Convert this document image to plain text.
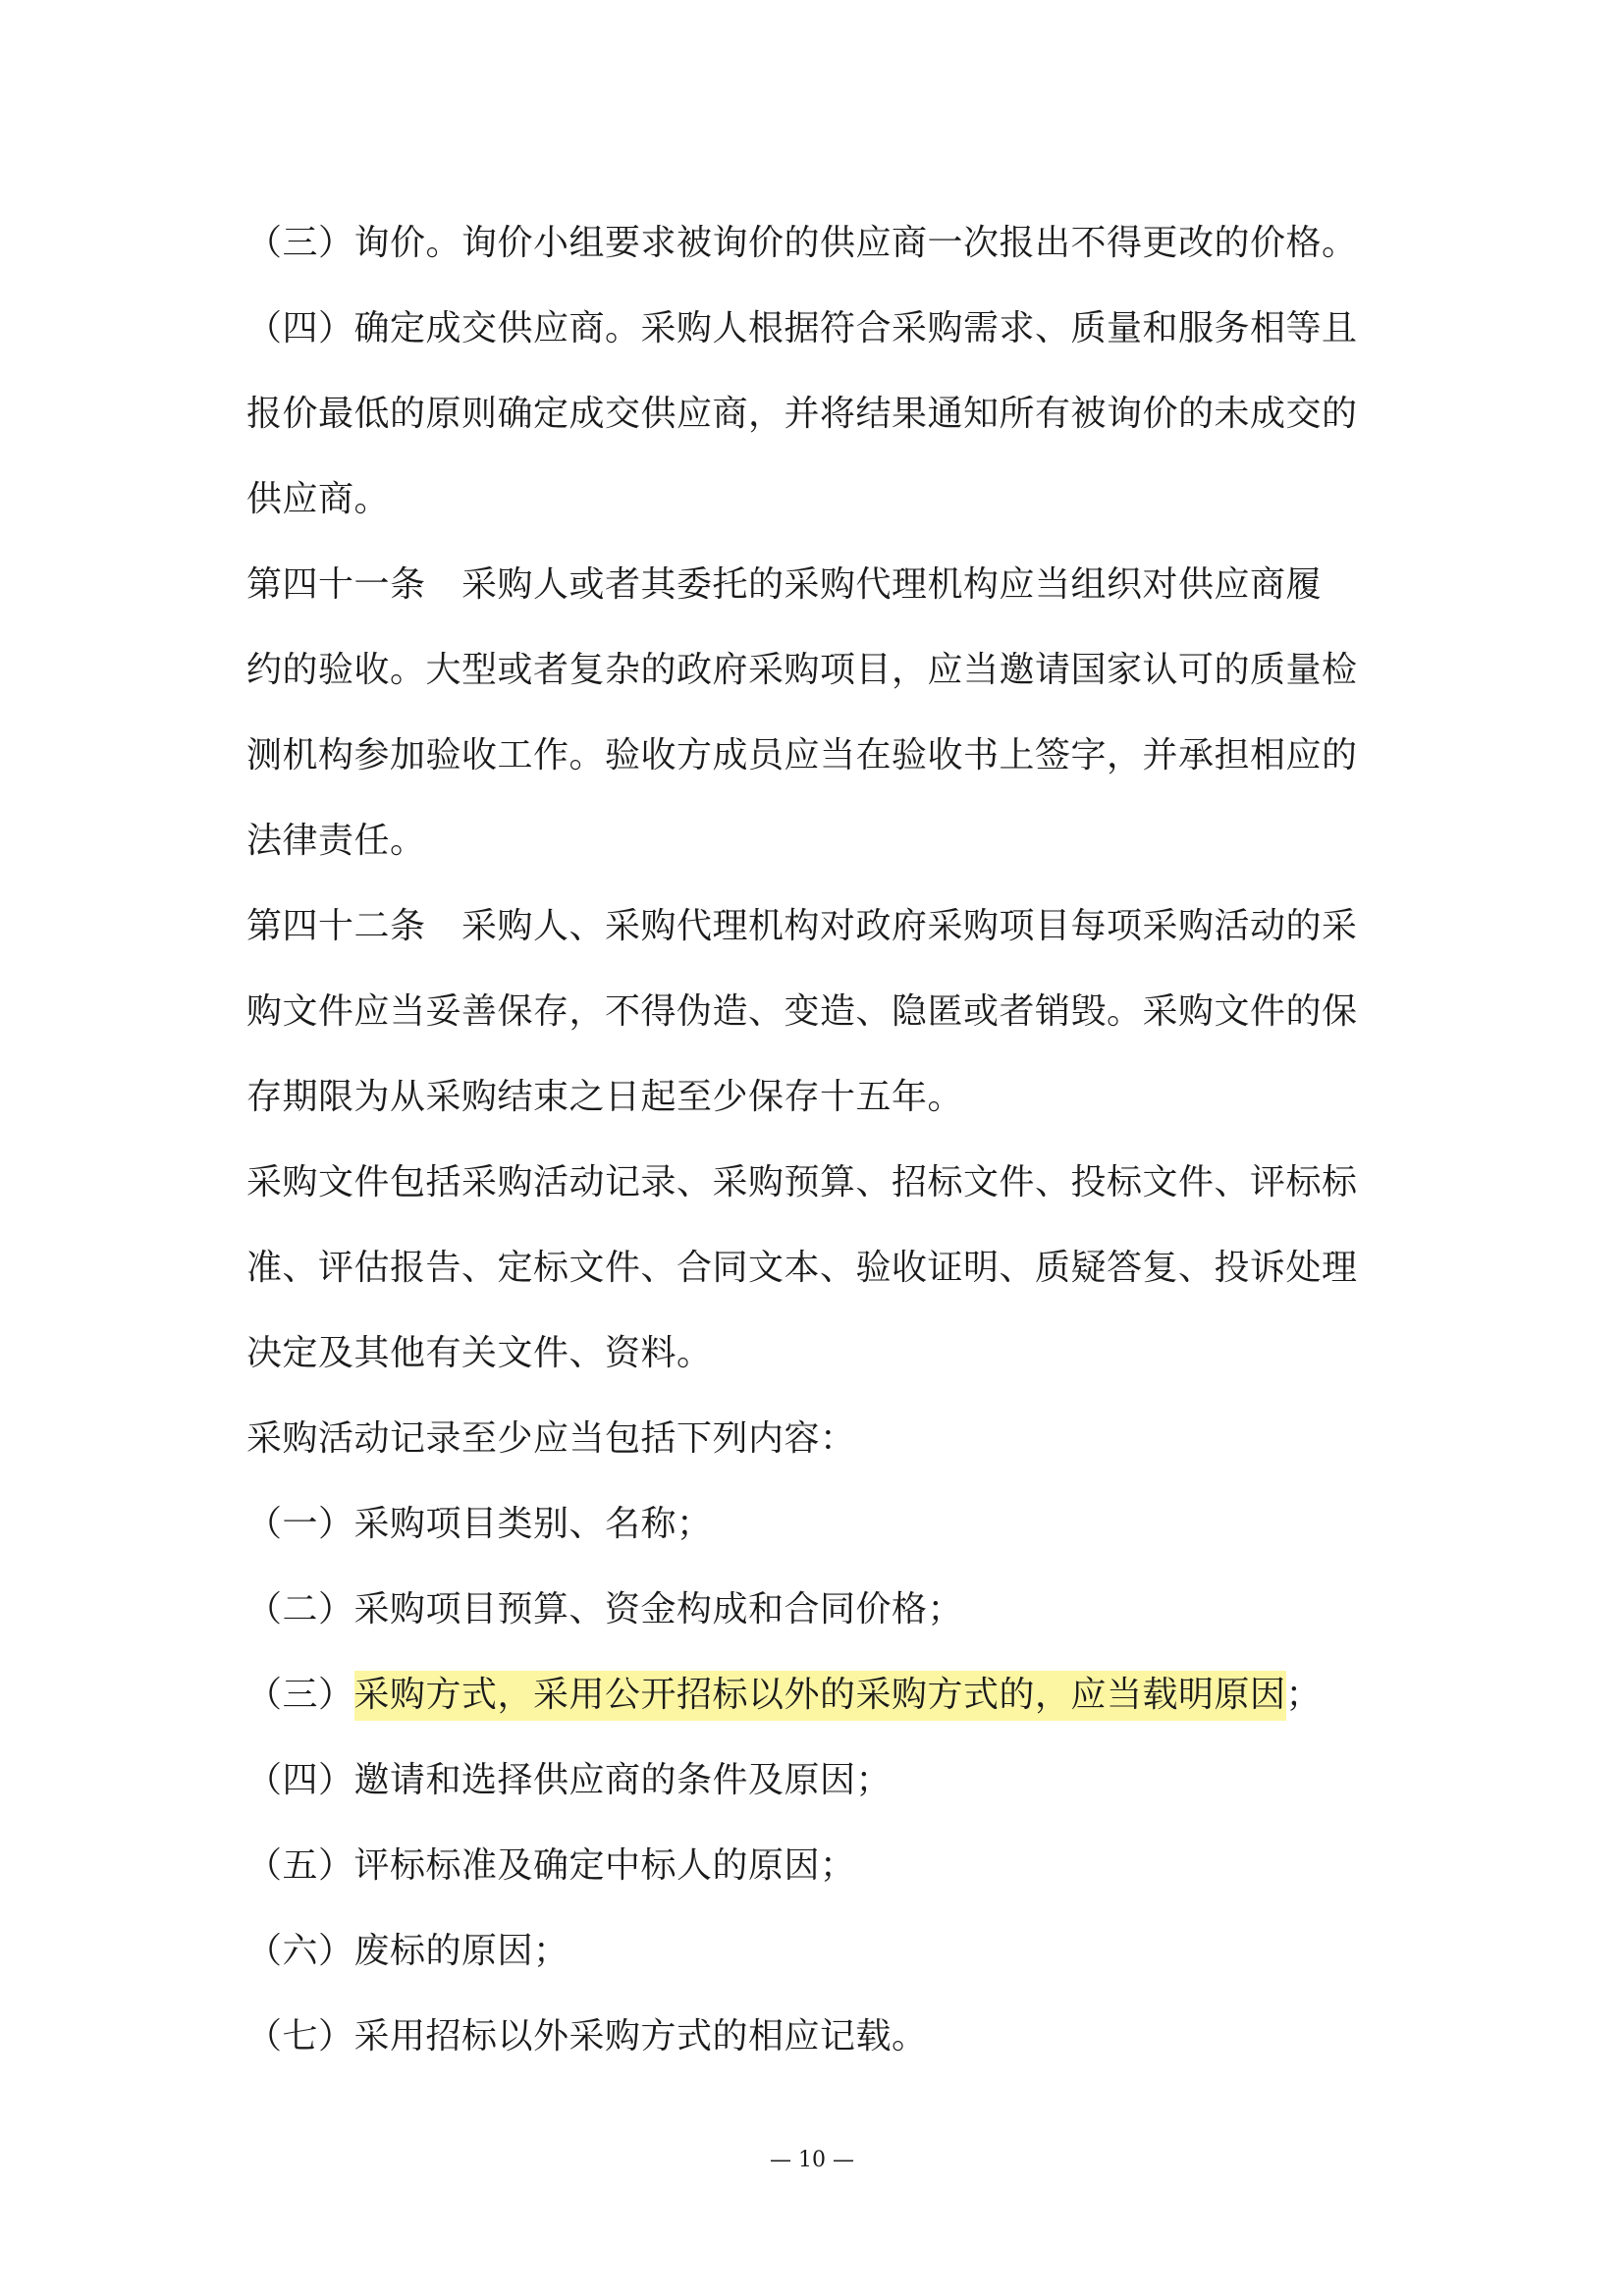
（三）询价。询价小组要求被询价的供应商一次报出不得更改的价格。
（四）确定成交供应商。采购人根据符合采购需求、质量和服务相等且
报价最低的原则确定成交供应商，并将结果通知所有被询价的未成交的
供应商。
第四十一条　采购人或者其委托的采购代理机构应当组织对供应商履
约的验收。大型或者复杂的政府采购项目，应当邀请国家认可的质量检
测机构参加验收工作。验收方成员应当在验收书上签字，并承担相应的
法律责任。
第四十二条　采购人、采购代理机构对政府采购项目每项采购活动的采
购文件应当妥善保存，不得伪造、变造、隐匿或者销毁。采购文件的保
存期限为从采购结束之日起至少保存十五年。
采购文件包括采购活动记录、采购预算、招标文件、投标文件、评标标
准、评估报告、定标文件、合同文本、验收证明、质疑答复、投诉处理
决定及其他有关文件、资料。
采购活动记录至少应当包括下列内容：
（一）采购项目类别、名称；
（二）采购项目预算、资金构成和合同价格；
（三）采购方式，采用公开招标以外的采购方式的，应当载明原因；
（四）邀请和选择供应商的条件及原因；
（五）评标标准及确定中标人的原因；
（六）废标的原因；
（七）采用招标以外采购方式的相应记载。
— 10 —
